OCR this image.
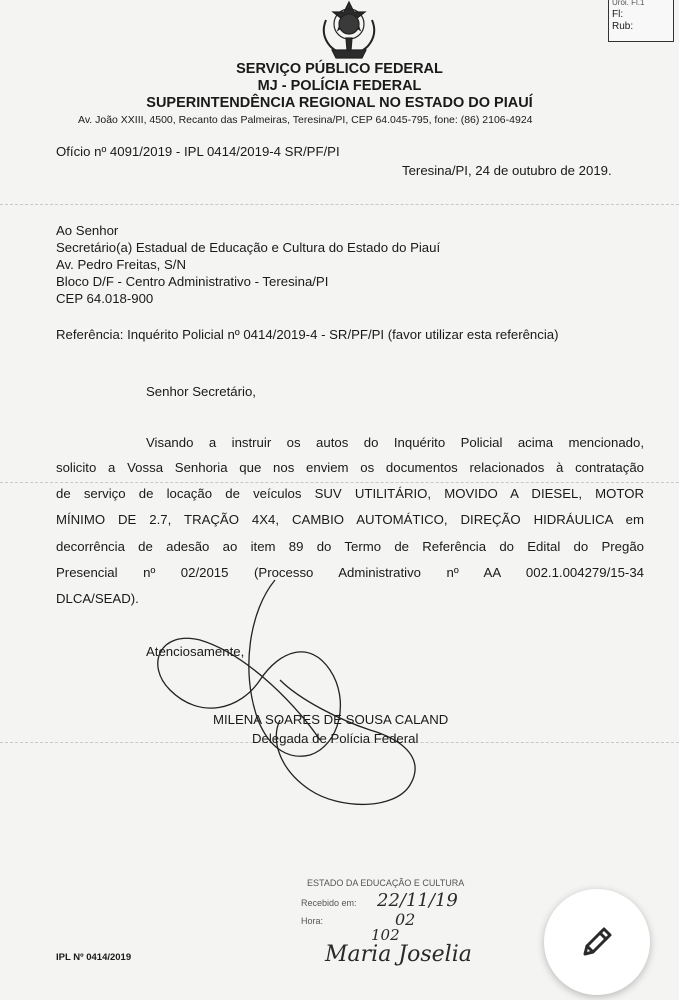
Uroi. Fl.1
Fl:
Rub:
SERVIÇO PÚBLICO FEDERAL
MJ - POLÍCIA FEDERAL
SUPERINTENDÊNCIA REGIONAL NO ESTADO DO PIAUÍ
Av. João XXIII, 4500, Recanto das Palmeiras, Teresina/PI, CEP 64.045-795, fone: (86) 2106-4924
Ofício nº 4091/2019 - IPL 0414/2019-4 SR/PF/PI
Teresina/PI, 24 de outubro de 2019.
Ao Senhor
Secretário(a) Estadual de Educação e Cultura do Estado do Piauí
Av. Pedro Freitas, S/N
Bloco D/F - Centro Administrativo - Teresina/PI
CEP 64.018-900
Referência: Inquérito Policial nº 0414/2019-4 - SR/PF/PI (favor utilizar esta referência)
Senhor Secretário,
Visando a instruir os autos do Inquérito Policial acima mencionado,
solicito a Vossa Senhoria que nos enviem os documentos relacionados à contratação
de serviço de locação de veículos SUV UTILITÁRIO, MOVIDO A DIESEL, MOTOR
MÍNIMO DE 2.7, TRAÇÃO 4X4, CAMBIO AUTOMÁTICO, DIREÇÃO HIDRÁULICA em
decorrência de adesão ao item 89 do Termo de Referência do Edital do Pregão
Presencial nº 02/2015 (Processo Administrativo nº AA 002.1.004279/15-34
DLCA/SEAD).
Atenciosamente,
MILENA SOARES DE SOUSA CALAND
Delegada de Polícia Federal
IPL Nº 0414/2019
ESTADO DA EDUCAÇÃO E CULTURA
Recebido em: 22/11/19
Hora:	02
102
Maria Joselia
